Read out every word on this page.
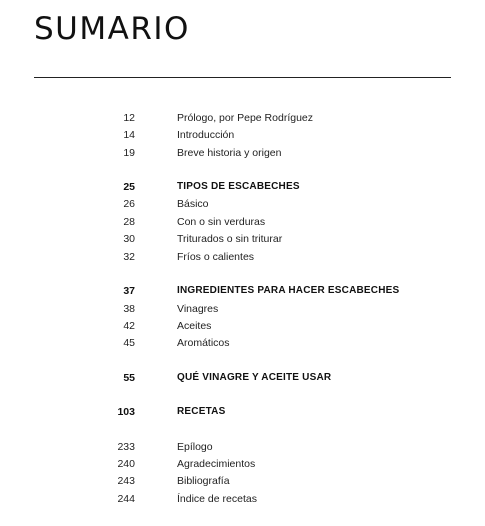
SUMARIO
12	Prólogo, por Pepe Rodríguez
14	Introducción
19	Breve historia y origen
25	TIPOS DE ESCABECHES
26	Básico
28	Con o sin verduras
30	Triturados o sin triturar
32	Fríos o calientes
37	INGREDIENTES PARA HACER ESCABECHES
38	Vinagres
42	Aceites
45	Aromáticos
55	QUÉ VINAGRE Y ACEITE USAR
103	RECETAS
233	Epílogo
240	Agradecimientos
243	Bibliografía
244	Índice de recetas
